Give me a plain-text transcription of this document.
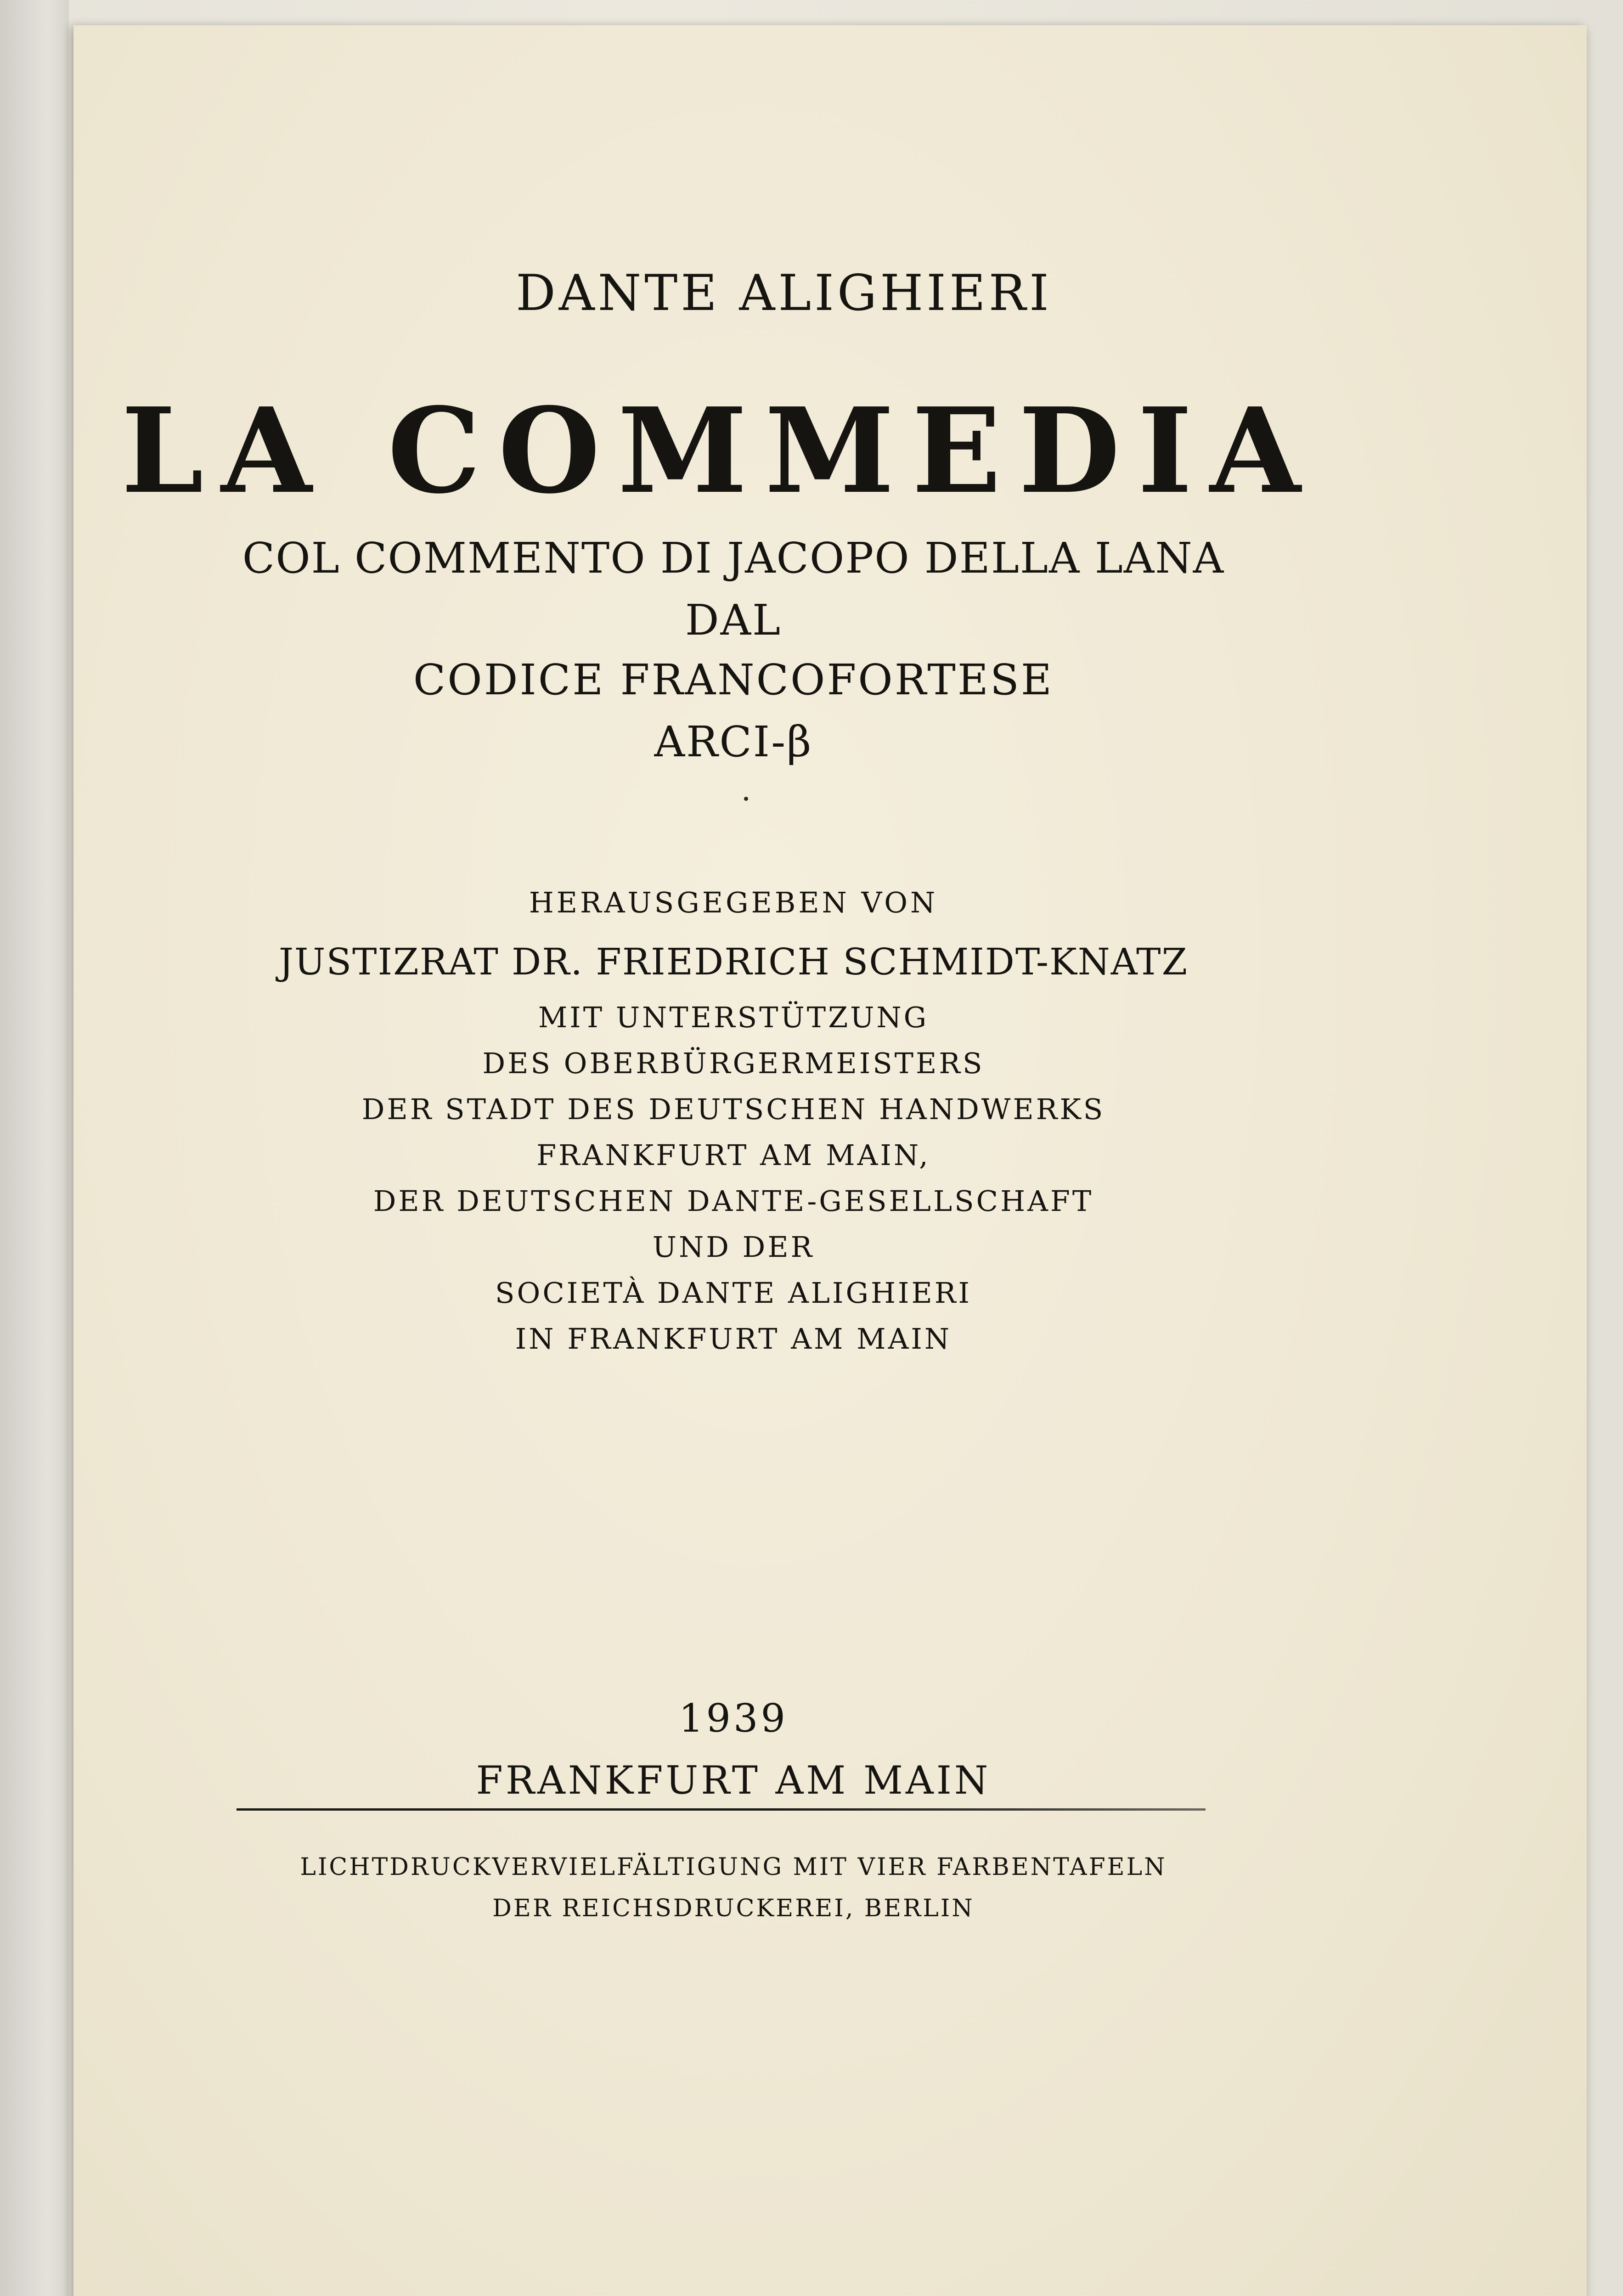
DANTE ALIGHIERI
LA COMMEDIA
COL COMMENTO DI JACOPO DELLA LANA
DAL
CODICE FRANCOFORTESE
ARCI-β
HERAUSGEGEBEN VON
JUSTIZRAT DR. FRIEDRICH SCHMIDT-KNATZ
MIT UNTERSTÜTZUNG
DES OBERBÜRGERMEISTERS
DER STADT DES DEUTSCHEN HANDWERKS
FRANKFURT AM MAIN,
DER DEUTSCHEN DANTE-GESELLSCHAFT
UND DER
SOCIETÀ DANTE ALIGHIERI
IN FRANKFURT AM MAIN
1939
FRANKFURT AM MAIN
LICHTDRUCKVERVIELFÄLTIGUNG MIT VIER FARBENTAFELN
DER REICHSDRUCKEREI, BERLIN
